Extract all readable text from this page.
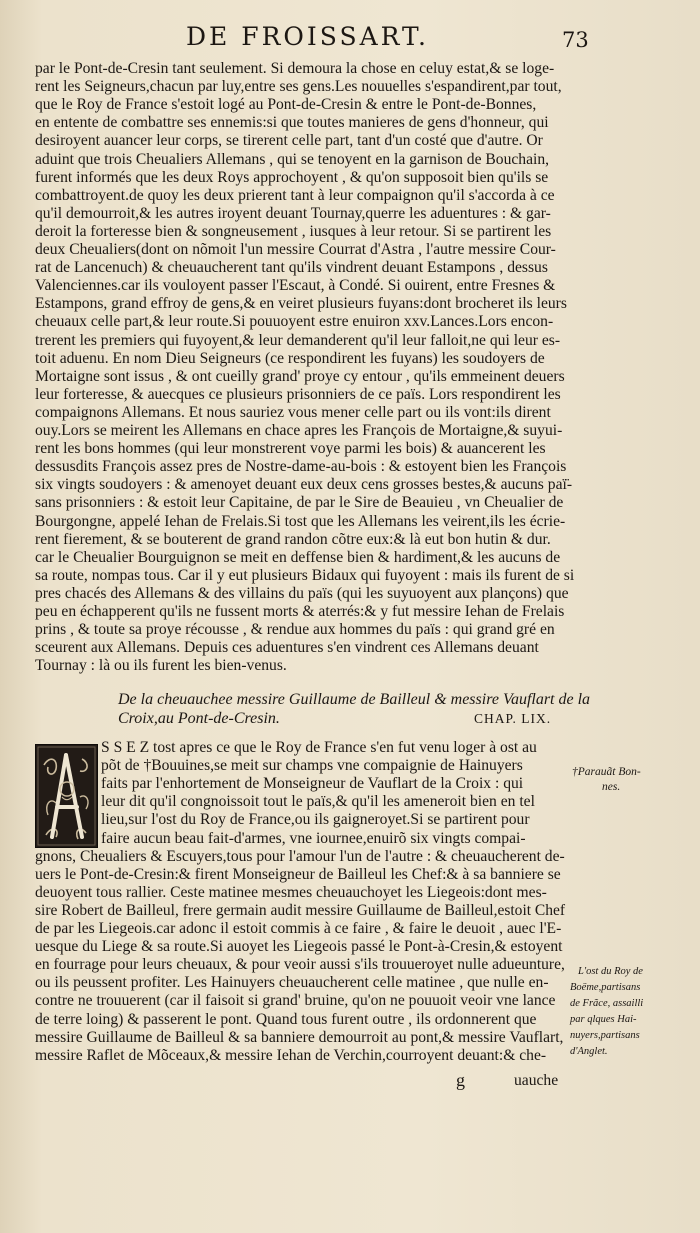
DE FROISSART.	73
par le Pont-de-Cresin tant seulement. Si demoura la chose en celuy estat,& se loge-
rent les Seigneurs,chacun par luy,entre ses gens.Les nouuelles s'espandirent,par tout,
que le Roy de France s'estoit logé au Pont-de-Cresin & entre le Pont-de-Bonnes,
en entente de combattre ses ennemis:si que toutes manieres de gens d'honneur, qui
desiroyent auancer leur corps, se tirerent celle part, tant d'un costé que d'autre. Or
aduint que trois Cheualiers Allemans , qui se tenoyent en la garnison de Bouchain,
furent informés que les deux Roys approchoyent , & qu'on supposoit bien qu'ils se
combattroyent.de quoy les deux prierent tant à leur compaignon qu'il s'accorda à ce
qu'il demourroit,& les autres iroyent deuant Tournay,querre les aduentures : & gar-
deroit la forteresse bien & songneusement , iusques à leur retour. Si se partirent les
deux Cheualiers(dont on nõmoit l'un messire Courrat d'Astra , l'autre messire Cour-
rat de Lancenuch) & cheuaucherent tant qu'ils vindrent deuant Estampons , dessus
Valenciennes.car ils vouloyent passer l'Escaut, à Condé. Si ouirent, entre Fresnes &
Estampons, grand effroy de gens,& en veiret plusieurs fuyans:dont brocheret ils leurs
cheuaux celle part,& leur route.Si pouuoyent estre enuiron xxv.Lances.Lors encon-
trerent les premiers qui fuyoyent,& leur demanderent qu'il leur falloit,ne qui leur es-
toit aduenu. En nom Dieu Seigneurs (ce respondirent les fuyans) les soudoyers de
Mortaigne sont issus , & ont cueilly grand' proye cy entour , qu'ils emmeinent deuers
leur forteresse, & auecques ce plusieurs prisonniers de ce païs. Lors respondirent les
compaignons Allemans. Et nous sauriez vous mener celle part ou ils vont:ils dirent
ouy.Lors se meirent les Allemans en chace apres les François de Mortaigne,& suyui-
rent les bons hommes (qui leur monstrerent voye parmi les bois) & auancerent les
dessusdits François assez pres de Nostre-dame-au-bois : & estoyent bien les François
six vingts soudoyers : & amenoyet deuant eux deux cens grosses bestes,& aucuns paï̈-
sans prisonniers : & estoit leur Capitaine, de par le Sire de Beauieu , vn Cheualier de
Bourgongne, appelé Iehan de Frelais.Si tost que les Allemans les veirent,ils les écrie-
rent fierement, & se bouterent de grand randon cõtre eux:& là eut bon hutin & dur.
car le Cheualier Bourguignon se meit en deffense bien & hardiment,& les aucuns de
sa route, nompas tous. Car il y eut plusieurs Bidaux qui fuyoyent : mais ils furent de si
pres chacés des Allemans & des villains du païs (qui les suyuoyent aux plançons) que
peu en échapperent qu'ils ne fussent morts & aterrés:& y fut messire Iehan de Frelais
prins , & toute sa proye récousse , & rendue aux hommes du païs : qui grand gré en
sceurent aux Allemans. Depuis ces aduentures s'en vindrent ces Allemans deuant
Tournay : là ou ils furent les bien-venus.
De la cheuauchee messire Guillaume de Bailleul & messire Vauflart de la
Croix,au Pont-de-Cresin.	CHAP. LIX.
S S E Z tost apres ce que le Roy de France s'en fut venu loger à ost au
põt de †Bouuines,se meit sur champs vne compaignie de Hainuyers
faits par l'enhortement de Monseigneur de Vauflart de la Croix : qui
leur dit qu'il congnoissoit tout le païs,& qu'il les ameneroit bien en tel
lieu,sur l'ost du Roy de France,ou ils gaigneroyet.Si se partirent pour
faire aucun beau fait-d'armes, vne iournee,enuirõ six vingts compai-
gnons, Cheualiers & Escuyers,tous pour l'amour l'un de l'autre : & cheuaucherent de-
uers le Pont-de-Cresin:& firent Monseigneur de Bailleul les Chef:& à sa banniere se
deuoyent tous rallier. Ceste matinee mesmes cheuauchoyet les Liegeois:dont mes-
sire Robert de Bailleul, frere germain audit messire Guillaume de Bailleul,estoit Chef
de par les Liegeois.car adonc il estoit commis à ce faire , & faire le deuoit , auec l'E-
uesque du Liege & sa route.Si auoyet les Liegeois passé le Pont-à-Cresin,& estoyent
en fourrage pour leurs cheuaux, & pour veoir aussi s'ils trouueroyet nulle adueunture,
ou ils peussent profiter. Les Hainuyers cheuaucherent celle matinee , que nulle en-
contre ne trouuerent (car il faisoit si grand' bruine, qu'on ne pouuoit veoir vne lance
de terre loing) & passerent le pont. Quand tous furent outre , ils ordonnerent que
messire Guillaume de Bailleul & sa banniere demourroit au pont,& messire Vauflart,
messire Raflet de Mõceaux,& messire Iehan de Verchin,courroyent deuant:& che-
†Parauãt Bon-
nes.
L'ost du Roy de
Boëme,partisans
de Frãce, assailli
par qlques Hai-
nuyers,partisans
d'Anglet.
g	uauche
